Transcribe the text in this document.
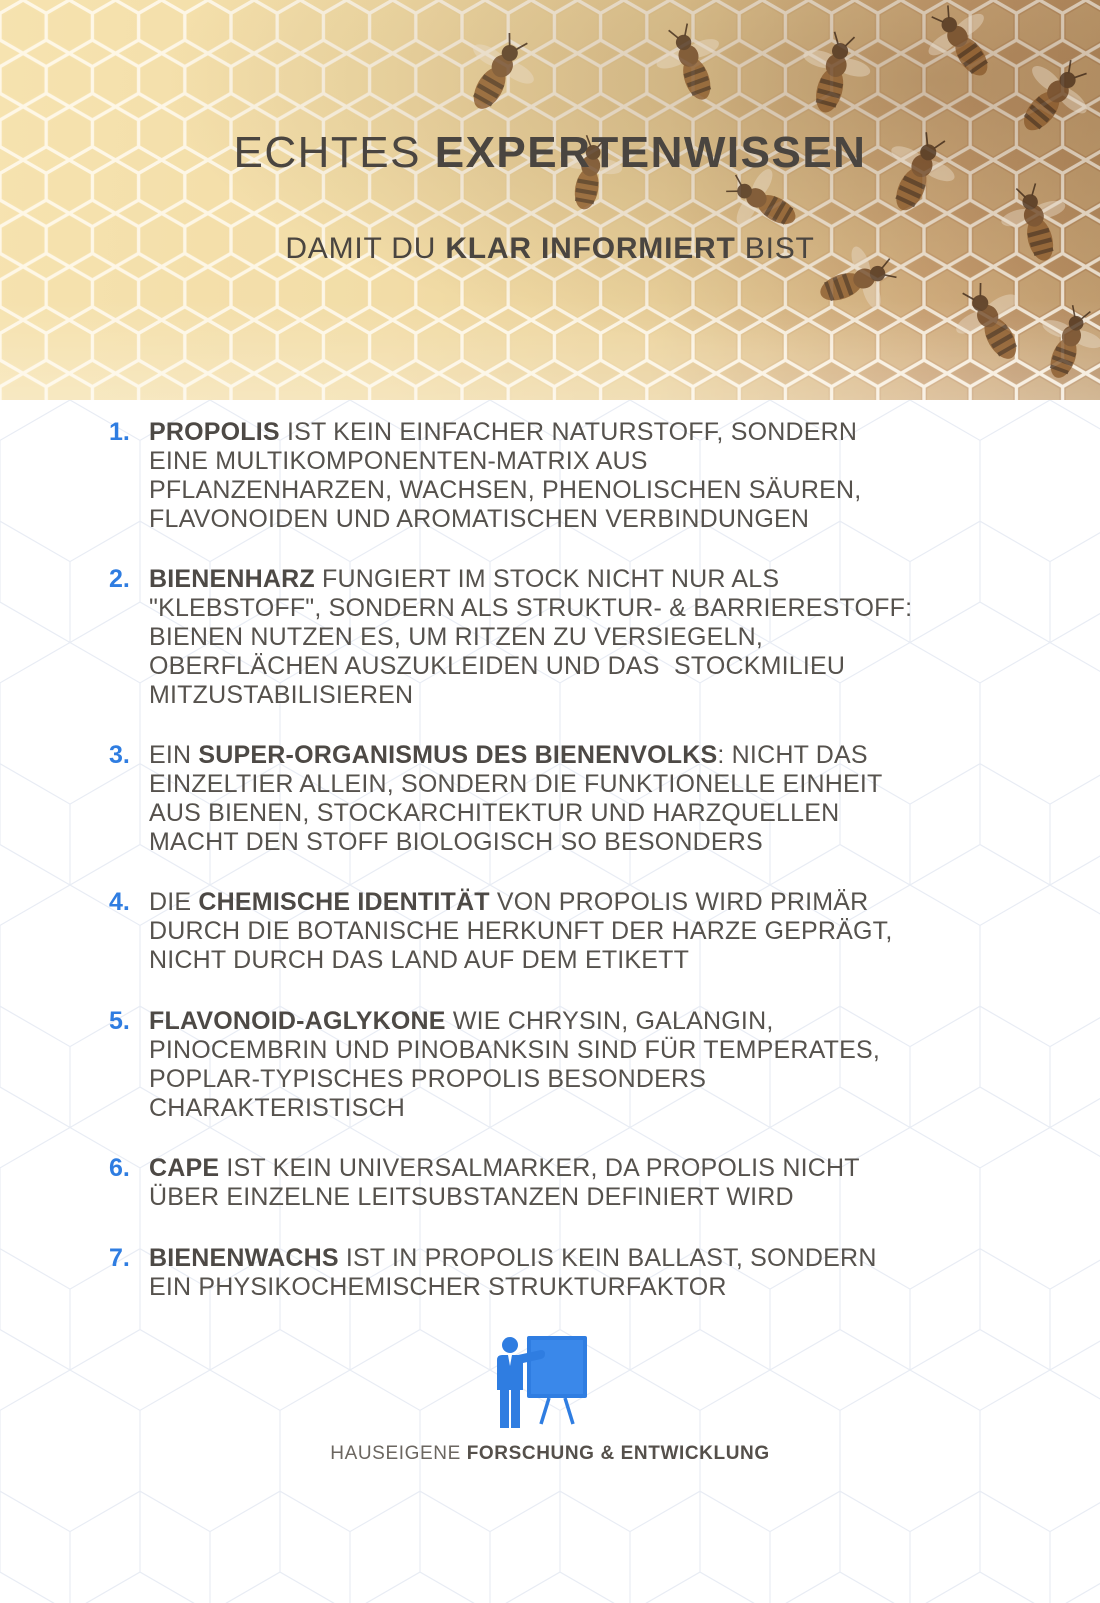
ECHTES EXPERTENWISSEN
DAMIT DU KLAR INFORMIERT BIST
1. PROPOLIS IST KEIN EINFACHER NATURSTOFF, SONDERN
EINE MULTIKOMPONENTEN-MATRIX AUS
PFLANZENHARZEN, WACHSEN, PHENOLISCHEN SÄUREN,
FLAVONOIDEN UND AROMATISCHEN VERBINDUNGEN
2. BIENENHARZ FUNGIERT IM STOCK NICHT NUR ALS
"KLEBSTOFF", SONDERN ALS STRUKTUR- & BARRIERESTOFF:
BIENEN NUTZEN ES, UM RITZEN ZU VERSIEGELN,
OBERFLÄCHEN AUSZUKLEIDEN UND DAS  STOCKMILIEU
MITZUSTABILISIEREN
3. EIN SUPER-ORGANISMUS DES BIENENVOLKS: NICHT DAS
EINZELTIER ALLEIN, SONDERN DIE FUNKTIONELLE EINHEIT
AUS BIENEN, STOCKARCHITEKTUR UND HARZQUELLEN
MACHT DEN STOFF BIOLOGISCH SO BESONDERS
4. DIE CHEMISCHE IDENTITÄT VON PROPOLIS WIRD PRIMÄR
DURCH DIE BOTANISCHE HERKUNFT DER HARZE GEPRÄGT,
NICHT DURCH DAS LAND AUF DEM ETIKETT
5. FLAVONOID-AGLYKONE WIE CHRYSIN, GALANGIN,
PINOCEMBRIN UND PINOBANKSIN SIND FÜR TEMPERATES,
POPLAR-TYPISCHES PROPOLIS BESONDERS
CHARAKTERISTISCH
6. CAPE IST KEIN UNIVERSALMARKER, DA PROPOLIS NICHT
ÜBER EINZELNE LEITSUBSTANZEN DEFINIERT WIRD
7. BIENENWACHS IST IN PROPOLIS KEIN BALLAST, SONDERN
EIN PHYSIKOCHEMISCHER STRUKTURFAKTOR
HAUSEIGENE FORSCHUNG & ENTWICKLUNG
